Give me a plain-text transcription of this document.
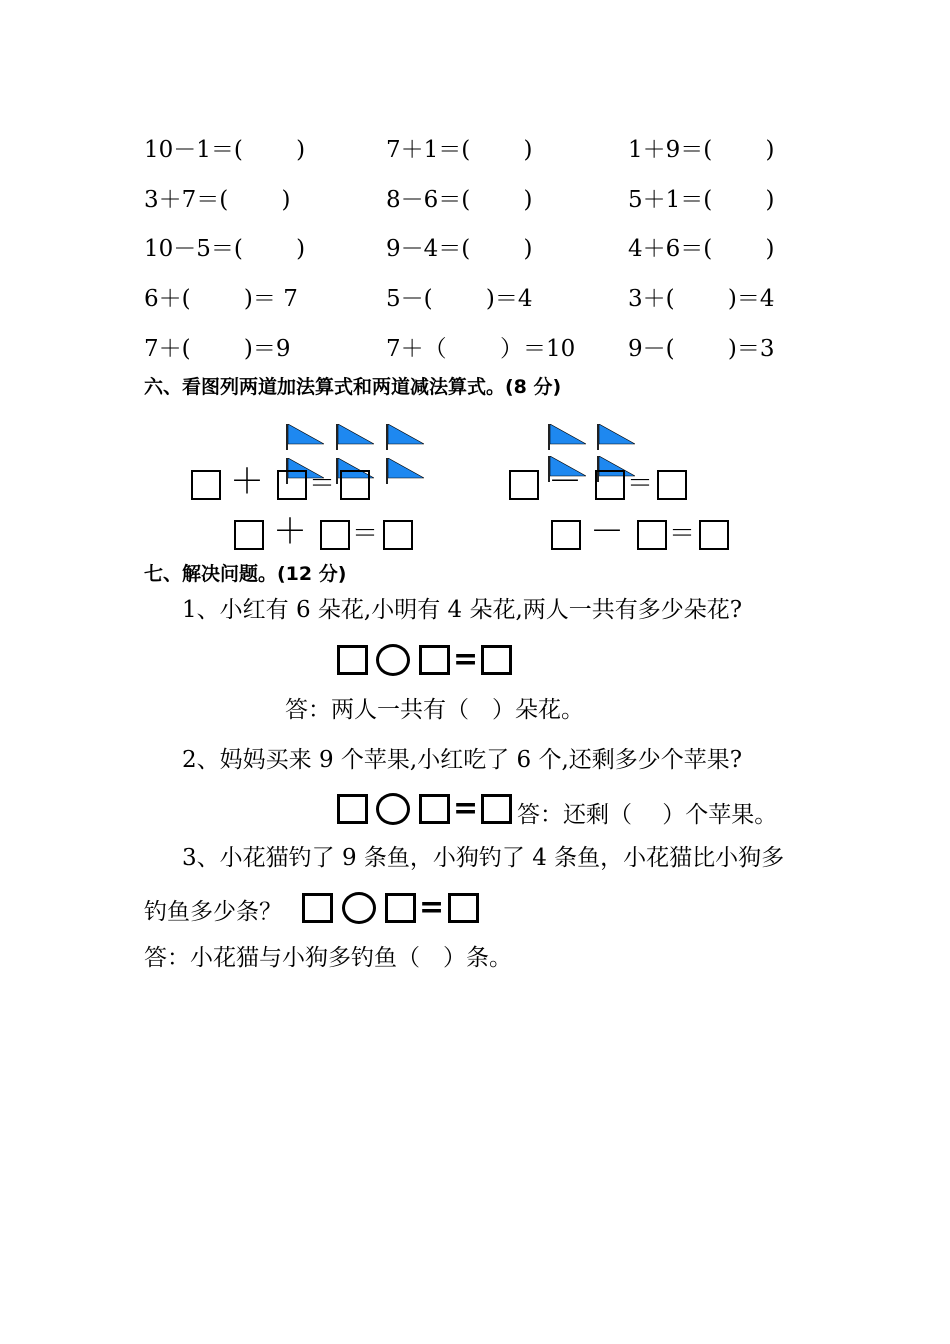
10－1＝(　　 )	7＋1＝(　　 )	1＋9＝(　　 )
3＋7＝(　　 )	8－6＝(　　 )	5＋1＝(　　 )
10－5＝(　　 )	9－4＝(　　 )	4＋6＝(　　 )
6＋(　　 )＝ 7	5－(　　 )＝4	3＋(　　 )＝4
7＋(　　 )＝9	7＋（　　 ）＝10 9－(　　 )＝3
六、看图列两道加法算式和两道减法算式。(8 分)
＋ ＝
＋ ＝
－ ＝
－ ＝
七、解决问题。(12 分)
1、小红有 6 朵花,小明有 4 朵花,两人一共有多少朵花?
=
答：两人一共有（　）朵花。
2、妈妈买来 9 个苹果,小红吃了 6 个,还剩多少个苹果?
= 答：还剩（　 ）个苹果。
3、小花猫钓了 9 条鱼，小狗钓了 4 条鱼，小花猫比小狗多
钓鱼多少条？	=
答：小花猫与小狗多钓鱼（　）条。
